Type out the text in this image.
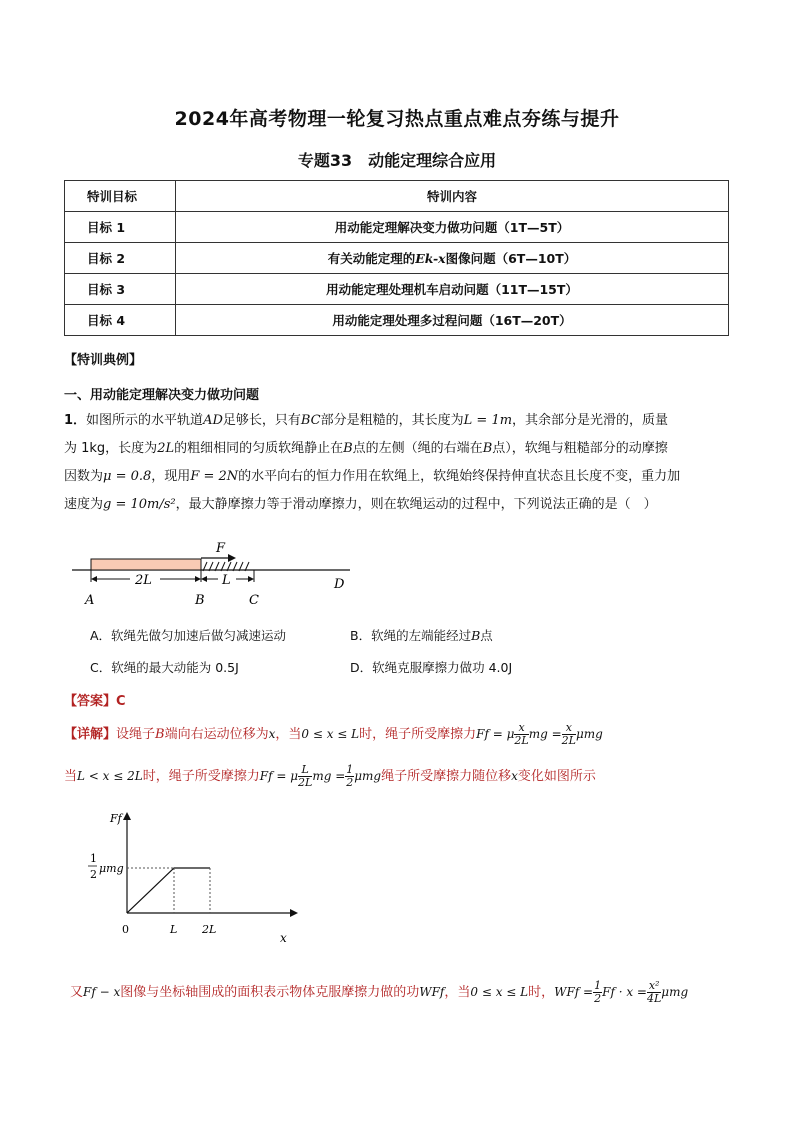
2024年高考物理一轮复习热点重点难点夯练与提升
专题33　动能定理综合应用
特训目标	特训内容
目标 1	用动能定理解决变力做功问题（1T—5T）
目标 2	有关动能定理的Ek-x图像问题（6T—10T）
目标 3	用动能定理处理机车启动问题（11T—15T）
目标 4	用动能定理处理多过程问题（16T—20T）
【特训典例】
一、用动能定理解决变力做功问题
1．如图所示的水平轨道AD足够长，只有BC部分是粗糙的，其长度为L = 1m，其余部分是光滑的，质量
为 1kg，长度为2L的粗细相同的匀质软绳静止在B点的左侧（绳的右端在B点），软绳与粗糙部分的动摩擦
因数为μ = 0.8，现用F = 2N的水平向右的恒力作用在软绳上，软绳始终保持伸直状态且长度不变，重力加
速度为g = 10m/s²，最大静摩擦力等于滑动摩擦力，则在软绳运动的过程中，下列说法正确的是（　）
F
2L	L
A	B	C
D
A．软绳先做匀加速后做匀减速运动	B．软绳的左端能经过B点
C．软绳的最大动能为 0.5J	D．软绳克服摩擦力做功 4.0J
【答案】C
【详解】设绳子B端向右运动位移为x，当0 ≤ x ≤ L时，绳子所受摩擦力Ff = μ $\frac{x}{2L}$ mg = $\frac{x}{2L}$ μmg
当L < x ≤ 2L时，绳子所受摩擦力Ff = μ $\frac{L}{2L}$ mg = $\frac{1}{2}$ μmg绳子所受摩擦力随位移x变化如图所示
Ff
1
2 μmg
0	L 2L
x
又Ff − x图像与坐标轴围成的面积表示物体克服摩擦力做的功WFf，当0 ≤ x ≤ L时，WFf = $\frac{1}{2}$ $Ff \cdot x = \frac{\text{x²}}{4L}$ μmg
